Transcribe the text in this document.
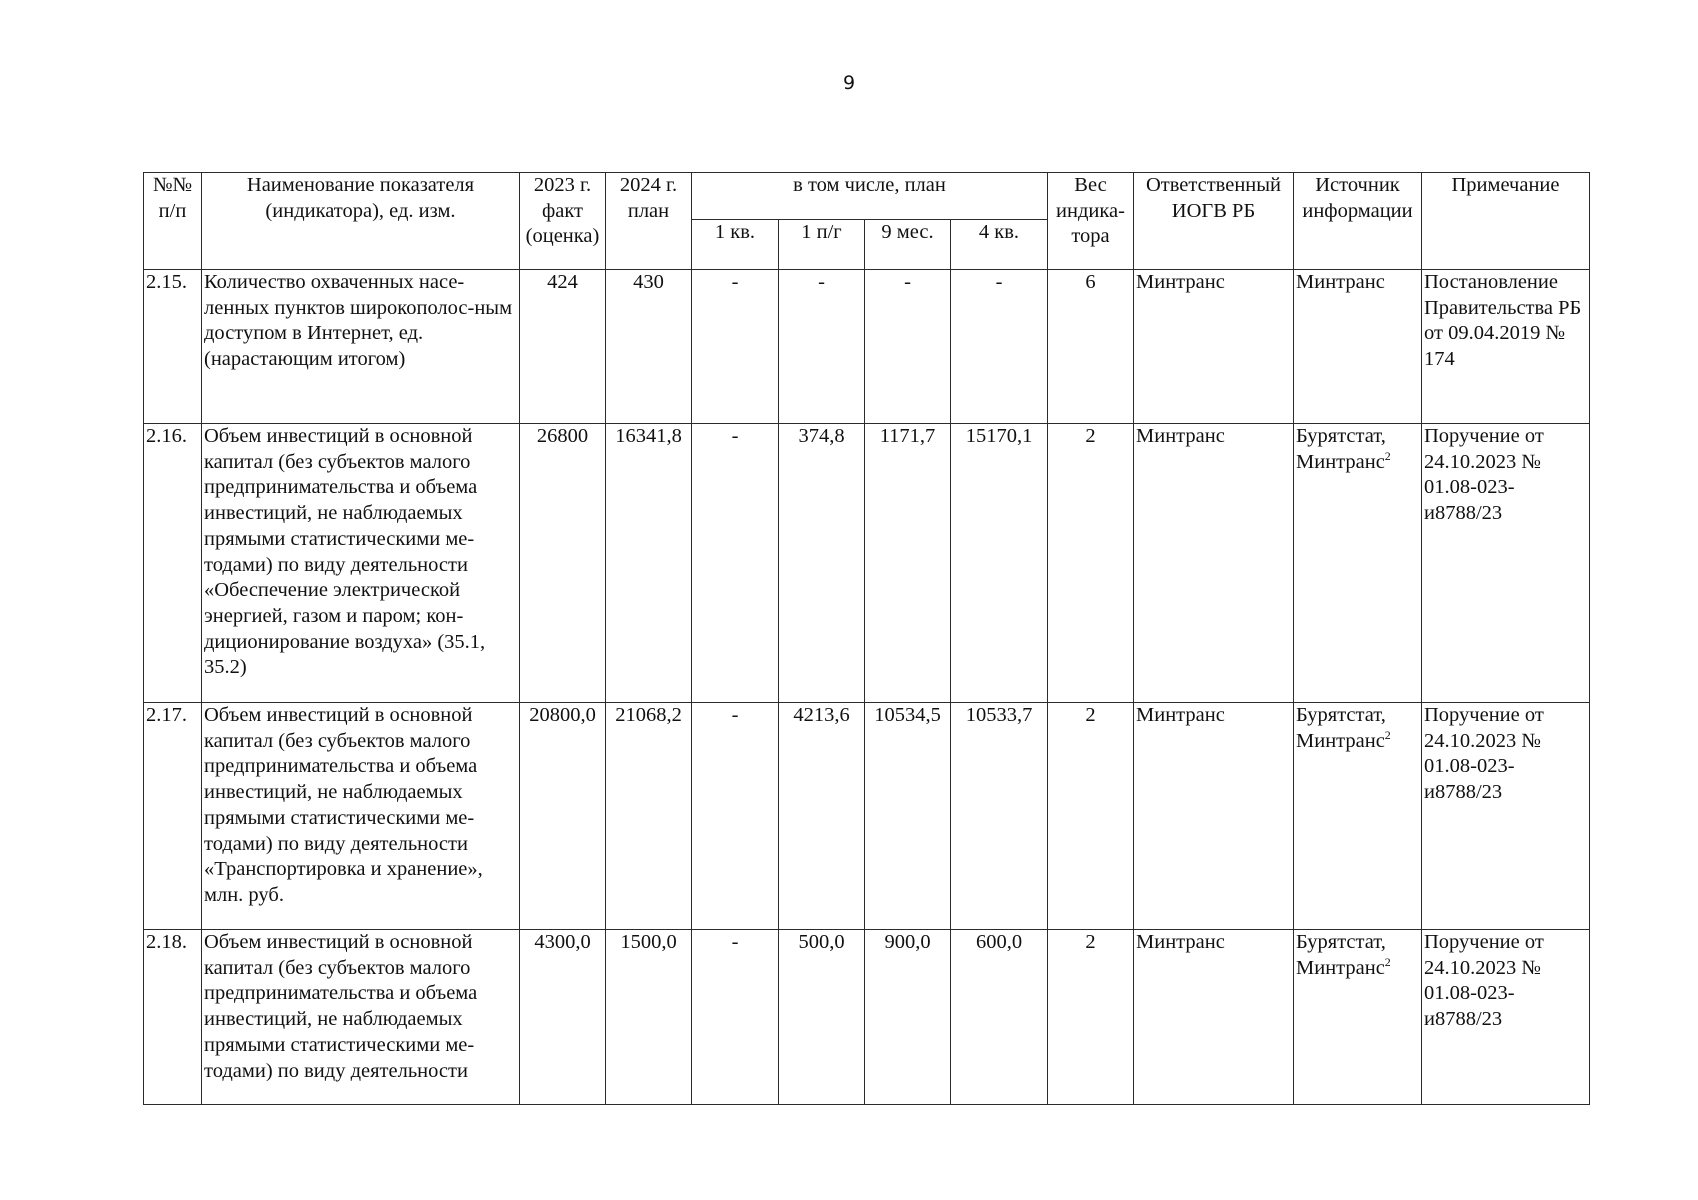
9
№№ п/п	Наименование показателя (индикатора), ед. изм.	2023 г. факт (оценка)	2024 г. план	в том числе, план				Вес индика-тора	Ответственный ИОГВ РБ	Источник информации	Примечание
				1 кв.	1 п/г	9 мес.	4 кв.				
2.15.	Количество охваченных насе-ленных пунктов широкополос-ным доступом в Интернет, ед. (нарастающим итогом)	424	430	-	-	-	-	6	Минтранс	Минтранс	Постановление Правительства РБ от 09.04.2019 № 174
2.16.	Объем инвестиций в основной капитал (без субъектов малого предпринимательства и объема инвестиций, не наблюдаемых прямыми статистическими ме-тодами) по виду деятельности «Обеспечение электрической энергией, газом и паром; кон-диционирование воздуха» (35.1, 35.2)	26800	16341,8	-	374,8	1171,7	15170,1	2	Минтранс	Бурятстат, Минтранс$^2$	Поручение от 24.10.2023 № 01.08-023-и8788/23
2.17.	Объем инвестиций в основной капитал (без субъектов малого предпринимательства и объема инвестиций, не наблюдаемых прямыми статистическими ме-тодами) по виду деятельности «Транспортировка и хранение», млн. руб.	20800,0	21068,2	-	4213,6	10534,5	10533,7	2	Минтранс	Бурятстат, Минтранс$^2$	Поручение от 24.10.2023 № 01.08-023-и8788/23
2.18.	Объем инвестиций в основной капитал (без субъектов малого предпринимательства и объема инвестиций, не наблюдаемых прямыми статистическими ме-тодами) по виду деятельности	4300,0	1500,0	-	500,0	900,0	600,0	2	Минтранс	Бурятстат, Минтранс$^2$	Поручение от 24.10.2023 № 01.08-023-и8788/23
